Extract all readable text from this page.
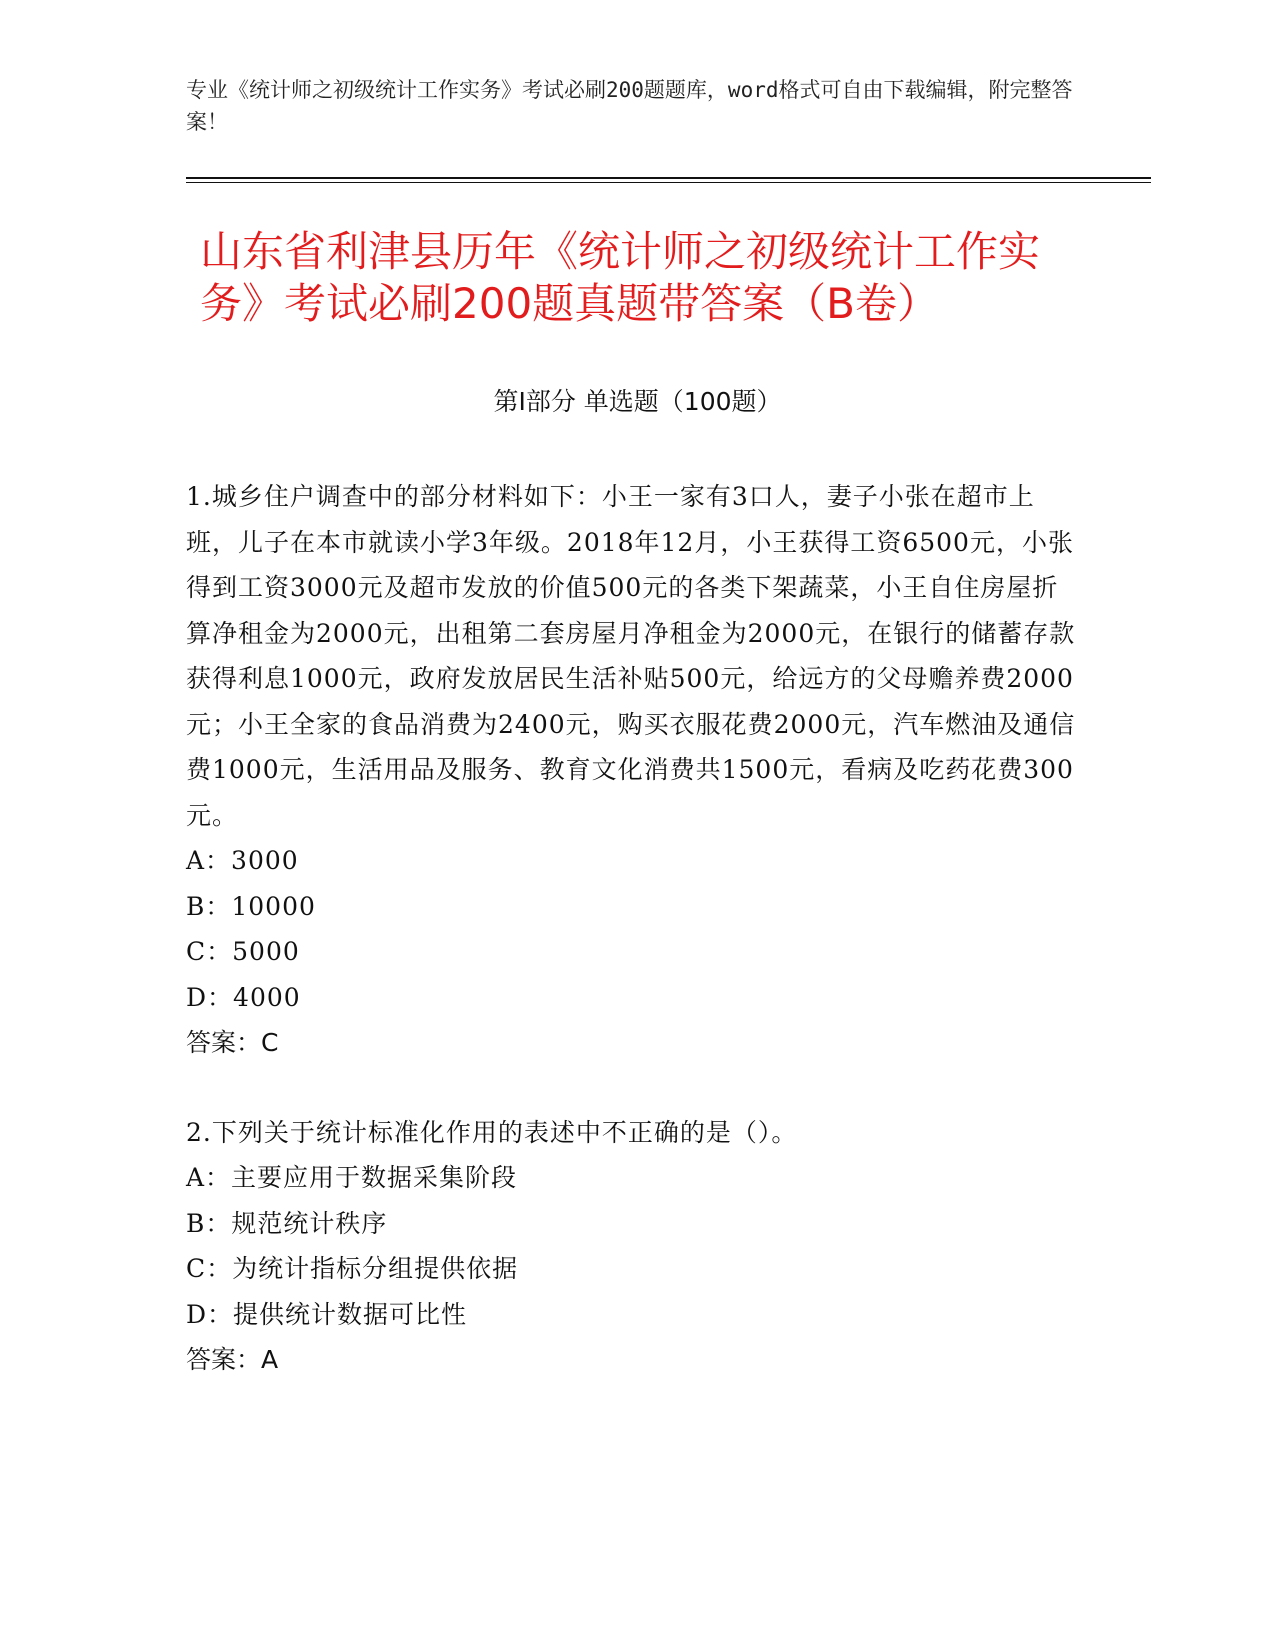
专业《统计师之初级统计工作实务》考试必刷200题题库，word格式可自由下载编辑，附完整答案！
山东省利津县历年《统计师之初级统计工作实务》考试必刷200题真题带答案（B卷）
第Ⅰ部分 单选题（100题）
1.城乡住户调查中的部分材料如下：小王一家有3口人，妻子小张在超市上班，儿子在本市就读小学3年级。2018年12月，小王获得工资6500元，小张得到工资3000元及超市发放的价值500元的各类下架蔬菜，小王自住房屋折算净租金为2000元，出租第二套房屋月净租金为2000元，在银行的储蓄存款获得利息1000元，政府发放居民生活补贴500元，给远方的父母赡养费2000元；小王全家的食品消费为2400元，购买衣服花费2000元，汽车燃油及通信费1000元，生活用品及服务、教育文化消费共1500元，看病及吃药花费300元。
A：3000
B：10000
C：5000
D：4000
答案：C
2.下列关于统计标准化作用的表述中不正确的是（）。
A：主要应用于数据采集阶段
B：规范统计秩序
C：为统计指标分组提供依据
D：提供统计数据可比性
答案：A
